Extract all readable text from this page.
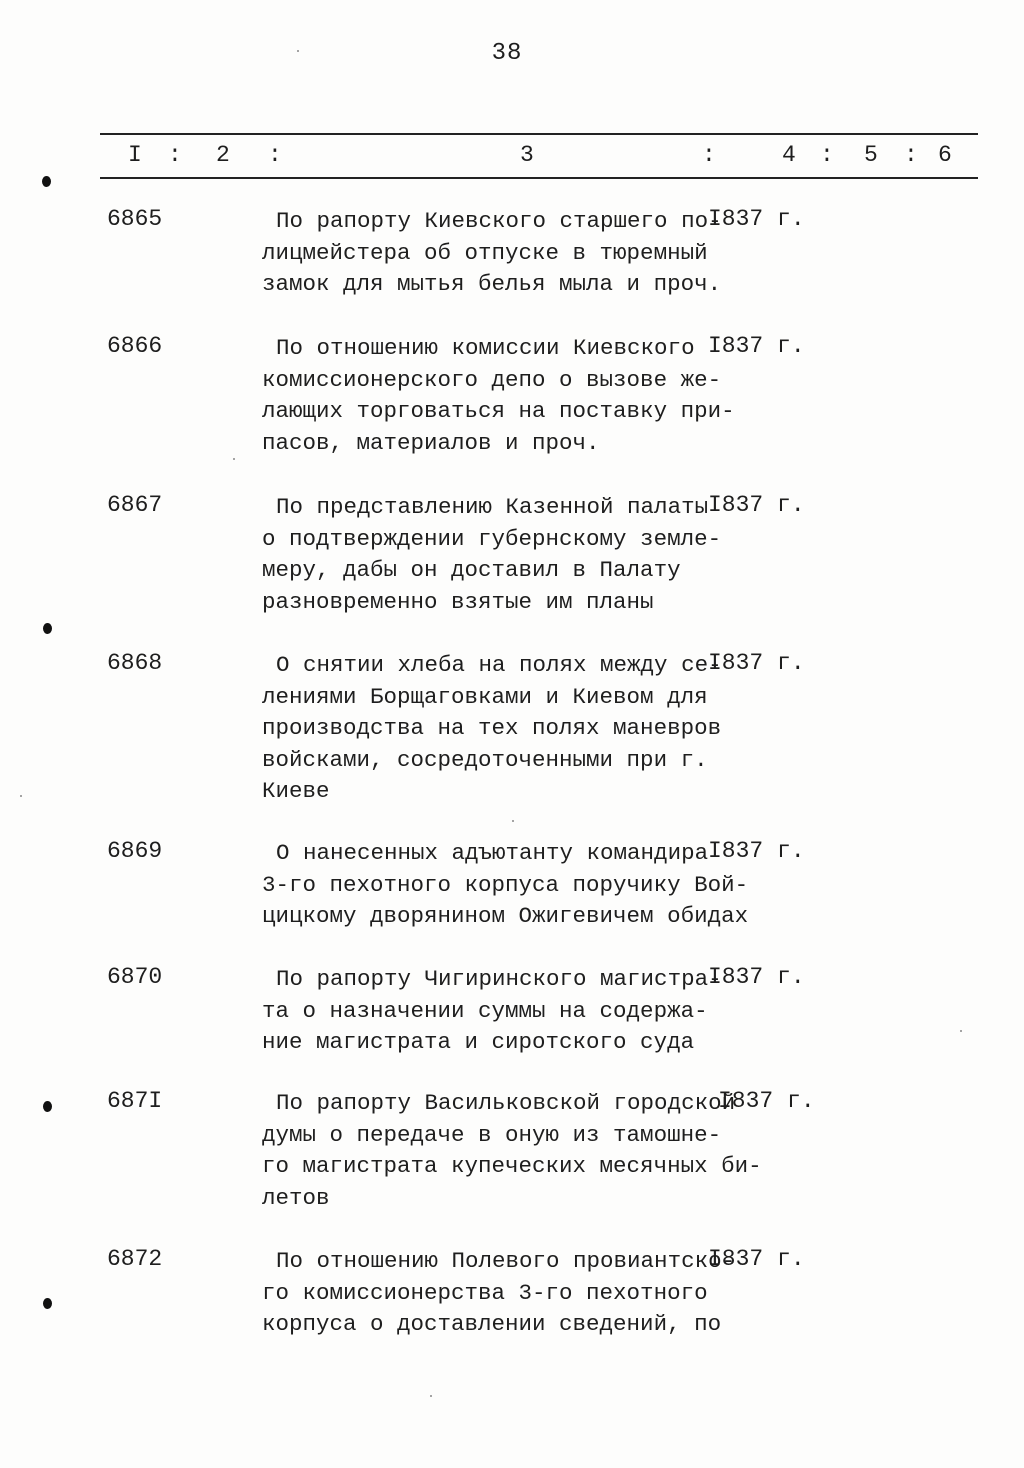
38
I : 2 :	3	:	4 : 5 : 6
6865	По рапорту Киевского старшего по-
лицмейстера об отпуске в тюремный
замок для мытья белья мыла и проч.
I837 г.
6866	По отношению комиссии Киевского
комиссионерского депо о вызове же-
лающих торговаться на поставку при-
пасов, материалов и проч.
I837 г.
6867	По представлению Казенной палаты
о подтверждении губернскому земле-
меру, дабы он доставил в Палату
разновременно взятые им планы
I837 г.
6868	О снятии хлеба на полях между се-
лениями Борщаговками и Киевом для
производства на тех полях маневров
войсками, сосредоточенными при г.
Киеве
I837 г.
6869	О нанесенных адъютанту командира
3-го пехотного корпуса поручику Вой-
цицкому дворянином Ожигевичем обидах
I837 г.
6870	По рапорту Чигиринского магистра-
та о назначении суммы на содержа-
ние магистрата и сиротского суда
I837 г.
687I	По рапорту Васильковской городской
думы о передаче в оную из тамошне-
го магистрата купеческих месячных би-
летов
I837 г.
6872	По отношению Полевого провиантско-
го комиссионерства 3-го пехотного
корпуса о доставлении сведений, по
I837 г.
